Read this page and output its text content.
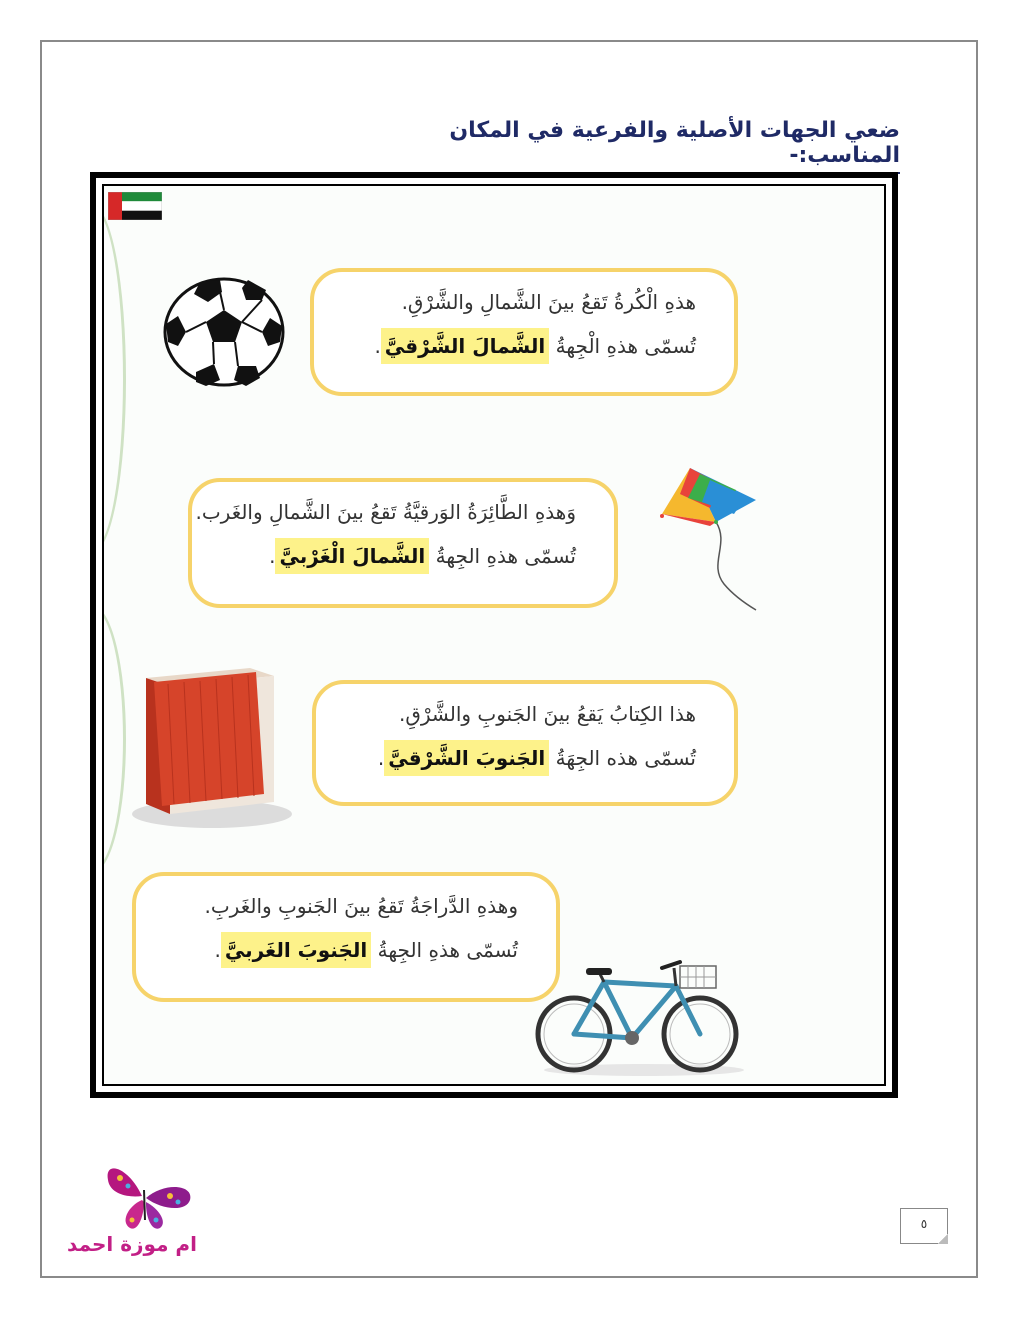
ضعي الجهات الأصلية والفرعية في المكان المناسب:-
هذهِ الْكُرةُ تَقعُ بينَ الشَّمالِ والشَّرْقِ.
تُسمّى هذهِ الْجِهةُ الشَّمالَ الشَّرْقيَّ.
وَهذهِ الطَّائِرَةُ الوَرقيَّةُ تَقعُ بينَ الشَّمالِ والغَرب.
تُسمّى هذهِ الجِهةُ الشَّمالَ الْغَرْبيَّ.
هذا الكِتابُ يَقعُ بينَ الجَنوبِ والشَّرْقِ.
تُسمّى هذه الجِهَةُ الجَنوبَ الشَّرْقيَّ.
وهذهِ الدَّراجَةُ تَقعُ بينَ الجَنوبِ والغَربِ.
تُسمّى هذهِ الجِهةُ الجَنوبَ الغَربيَّ.
ام موزة احمد
٥
